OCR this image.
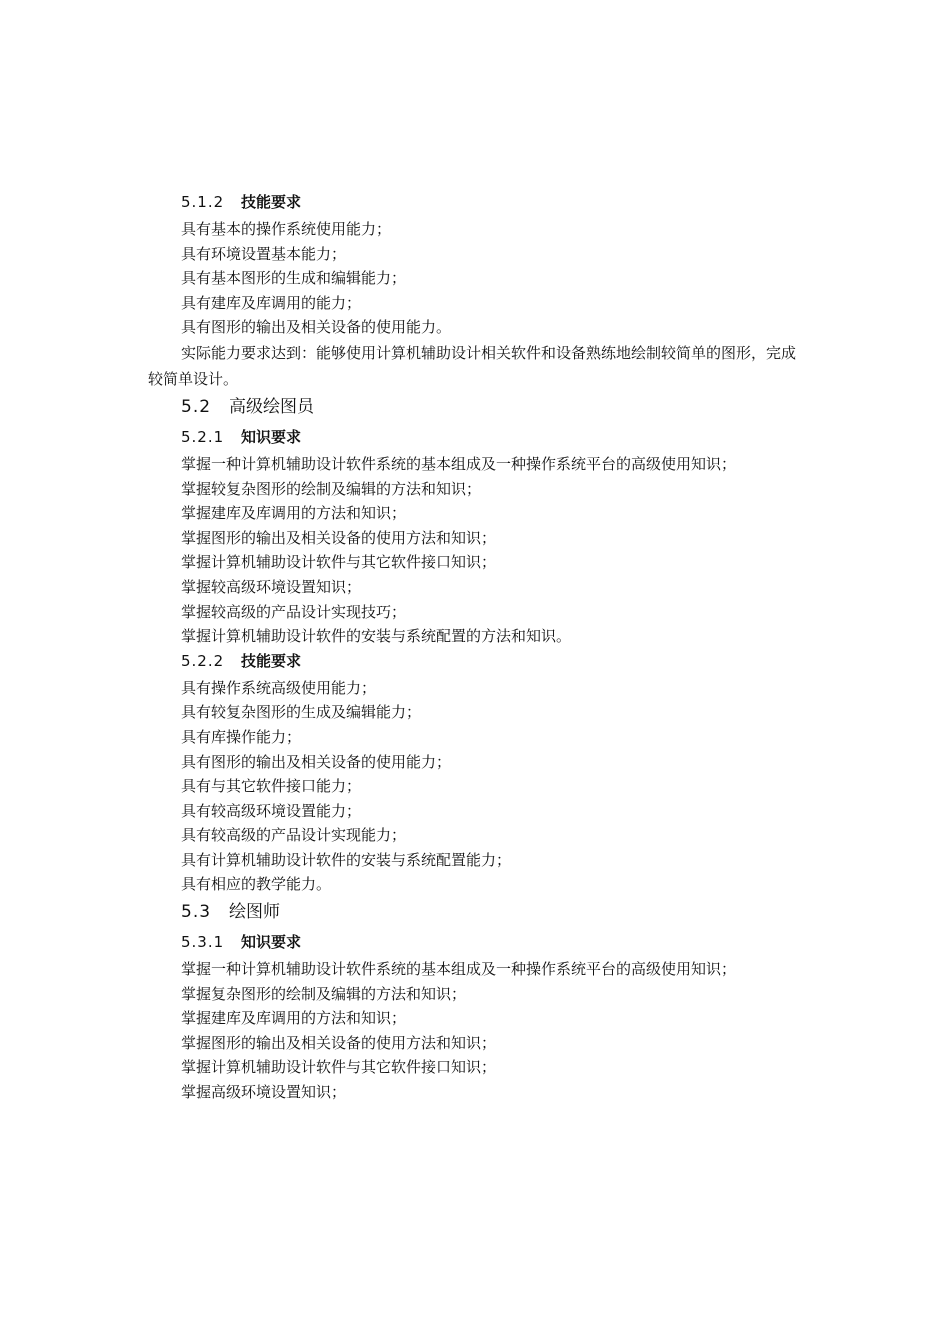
5.1.2 技能要求

具有基本的操作系统使用能力；

具有环境设置基本能力；

具有基本图形的生成和编辑能力；

具有建库及库调用的能力；

具有图形的输出及相关设备的使用能力。

实际能力要求达到：能够使用计算机辅助设计相关软件和设备熟练地绘制较简单的图形，完成较简单设计。

5.2 高级绘图员
5.2.1 知识要求

掌握一种计算机辅助设计软件系统的基本组成及一种操作系统平台的高级使用知识；

掌握较复杂图形的绘制及编辑的方法和知识；

掌握建库及库调用的方法和知识；

掌握图形的输出及相关设备的使用方法和知识；

掌握计算机辅助设计软件与其它软件接口知识；

掌握较高级环境设置知识；

掌握较高级的产品设计实现技巧；

掌握计算机辅助设计软件的安装与系统配置的方法和知识。

5.2.2 技能要求

具有操作系统高级使用能力；

具有较复杂图形的生成及编辑能力；

具有库操作能力；

具有图形的输出及相关设备的使用能力；

具有与其它软件接口能力；

具有较高级环境设置能力；

具有较高级的产品设计实现能力；

具有计算机辅助设计软件的安装与系统配置能力；

具有相应的教学能力。

5.3 绘图师
5.3.1 知识要求

掌握一种计算机辅助设计软件系统的基本组成及一种操作系统平台的高级使用知识；

掌握复杂图形的绘制及编辑的方法和知识；

掌握建库及库调用的方法和知识；

掌握图形的输出及相关设备的使用方法和知识；

掌握计算机辅助设计软件与其它软件接口知识；

掌握高级环境设置知识；
